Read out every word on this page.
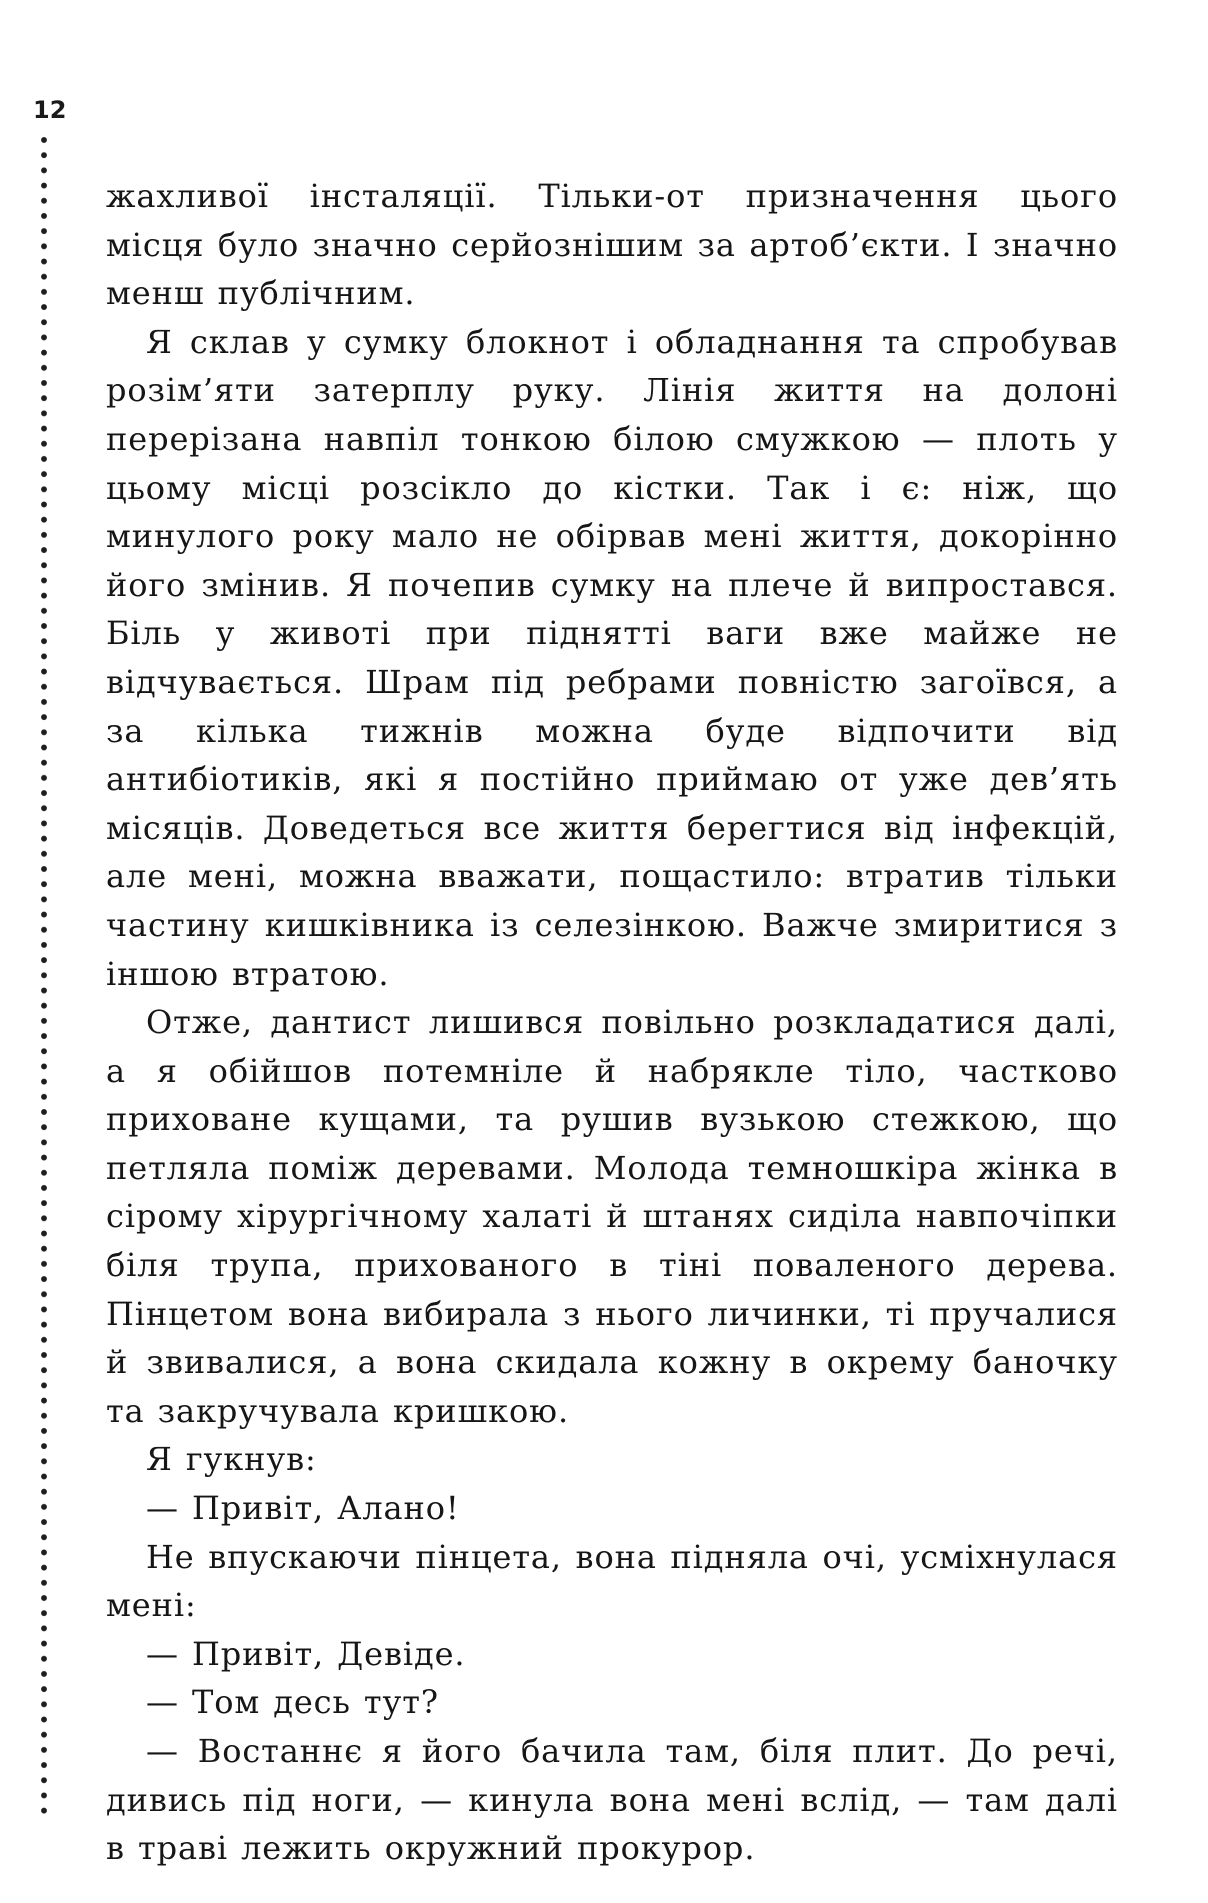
12

жахливої інсталяції. Тільки-от призначення цього місця було значно серйознішим за артоб’єкти. І значно менш публічним.

Я склав у сумку блокнот і обладнання та спробував розім’яти затерплу руку. Лінія життя на долоні перерізана навпіл тонкою білою смужкою — плоть у цьому місці розсікло до кістки. Так і є: ніж, що минулого року мало не обірвав мені життя, докорінно його змінив. Я почепив сумку на плече й випростався. Біль у животі при піднятті ваги вже майже не відчувається. Шрам під ребрами повністю загоївся, а за кілька тижнів можна буде відпочити від антибіотиків, які я постійно приймаю от уже дев’ять місяців. Доведеться все життя берегтися від інфекцій, але мені, можна вважати, пощастило: втратив тільки частину кишківника із селезінкою. Важче змиритися з іншою втратою.

Отже, дантист лишився повільно розкладатися далі, а я обійшов потемніле й набрякле тіло, частково приховане кущами, та рушив вузькою стежкою, що петляла поміж деревами. Молода темношкіра жінка в сірому хірургічному халаті й штанях сиділа навпочіпки біля трупа, прихованого в тіні поваленого дерева. Пінцетом вона вибирала з нього личинки, ті пручалися й звивалися, а вона скидала кожну в окрему баночку та закручувала кришкою.

Я гукнув:

— Привіт, Алано!

Не впускаючи пінцета, вона підняла очі, усміхнулася мені:

— Привіт, Девіде.

— Том десь тут?

— Востаннє я його бачила там, біля плит. До речі, дивись під ноги, — кинула вона мені вслід, — там далі в траві лежить окружний прокурор.
